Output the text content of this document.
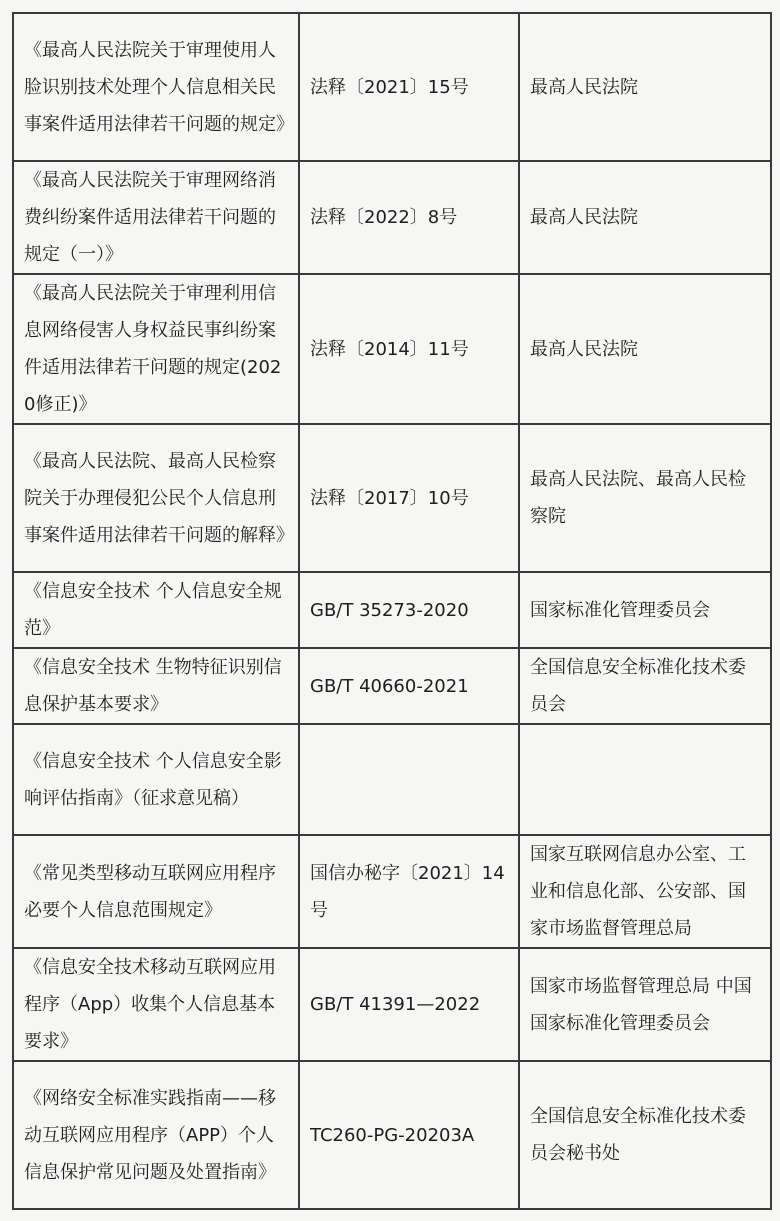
《最高人民法院关于审理使用人脸识别技术处理个人信息相关民事案件适用法律若干问题的规定》	法释〔2021〕15号	最高人民法院

《最高人民法院关于审理网络消费纠纷案件适用法律若干问题的规定（一）》	法释〔2022〕8号	最高人民法院

《最高人民法院关于审理利用信息网络侵害人身权益民事纠纷案件适用法律若干问题的规定(2020修正)》	法释〔2014〕11号	最高人民法院

《最高人民法院、最高人民检察院关于办理侵犯公民个人信息刑事案件适用法律若干问题的解释》	法释〔2017〕10号	最高人民法院、最高人民检察院

《信息安全技术 个人信息安全规范》	GB/T 35273-2020	国家标准化管理委员会

《信息安全技术 生物特征识别信息保护基本要求》	GB/T 40660-2021	全国信息安全标准化技术委员会

《信息安全技术 个人信息安全影响评估指南》（征求意见稿）		

《常见类型移动互联网应用程序必要个人信息范围规定》	国信办秘字〔2021〕14号	国家互联网信息办公室、工业和信息化部、公安部、国家市场监督管理总局

《信息安全技术移动互联网应用程序（App）收集个人信息基本要求》	GB/T 41391—2022	国家市场监督管理总局 中国国家标准化管理委员会

《网络安全标准实践指南——移动互联网应用程序（APP）个人信息保护常见问题及处置指南》	TC260-PG-20203A	全国信息安全标准化技术委员会秘书处
